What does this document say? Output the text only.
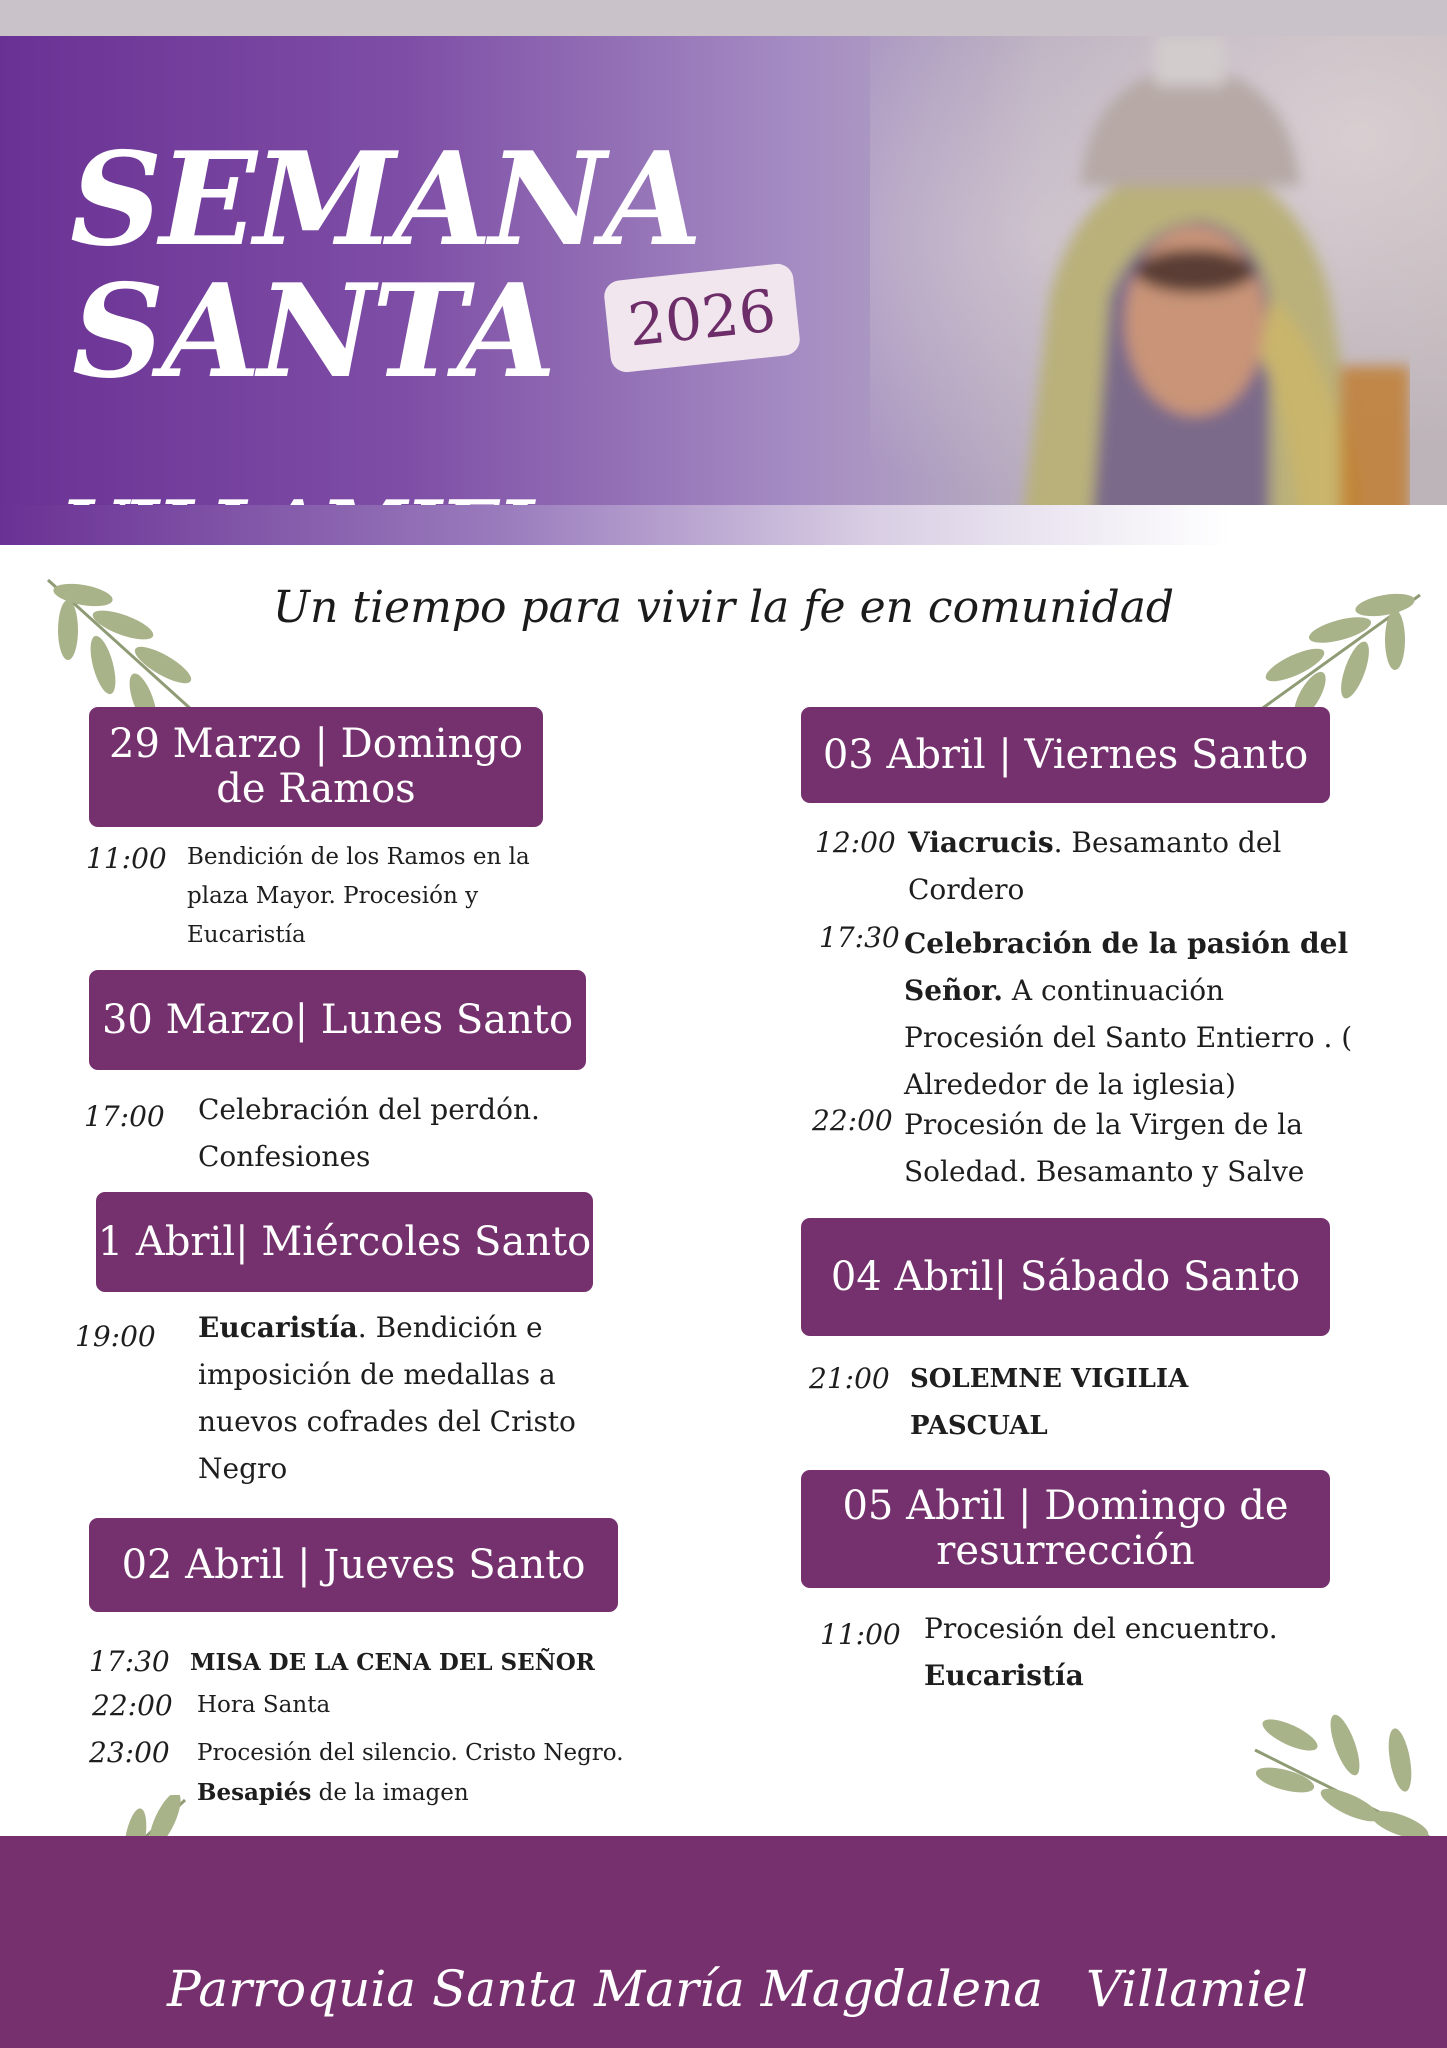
SEMANA
SANTA	2026
Un tiempo para vivir la fe en comunidad
29 Marzo | Domingo de Ramos
11:00 Bendición de los Ramos en la plaza Mayor. Procesión y Eucaristía
30 Marzo| Lunes Santo
17:00 Celebración del perdón. Confesiones
1 Abril| Miércoles Santo
19:00 Eucaristía. Bendición e imposición de medallas a nuevos cofrades del Cristo Negro
02 Abril | Jueves Santo
17:30 MISA DE LA CENA DEL SEÑOR
22:00 Hora Santa
23:00 Procesión del silencio. Cristo Negro.
Besapiés de la imagen
03 Abril | Viernes Santo
12:00 Viacrucis. Besamanto del Cordero
17:30 Celebración de la pasión del Señor. A continuación Procesión del Santo Entierro . ( Alrededor de la iglesia)
22:00 Procesión de la Virgen de la Soledad. Besamanto y Salve
04 Abril| Sábado Santo
21:00 SOLEMNE VIGILIA PASCUAL
05 Abril | Domingo de resurrección
11:00 Procesión del encuentro.
Eucaristía
Parroquia Santa María Magdalena Villamiel
